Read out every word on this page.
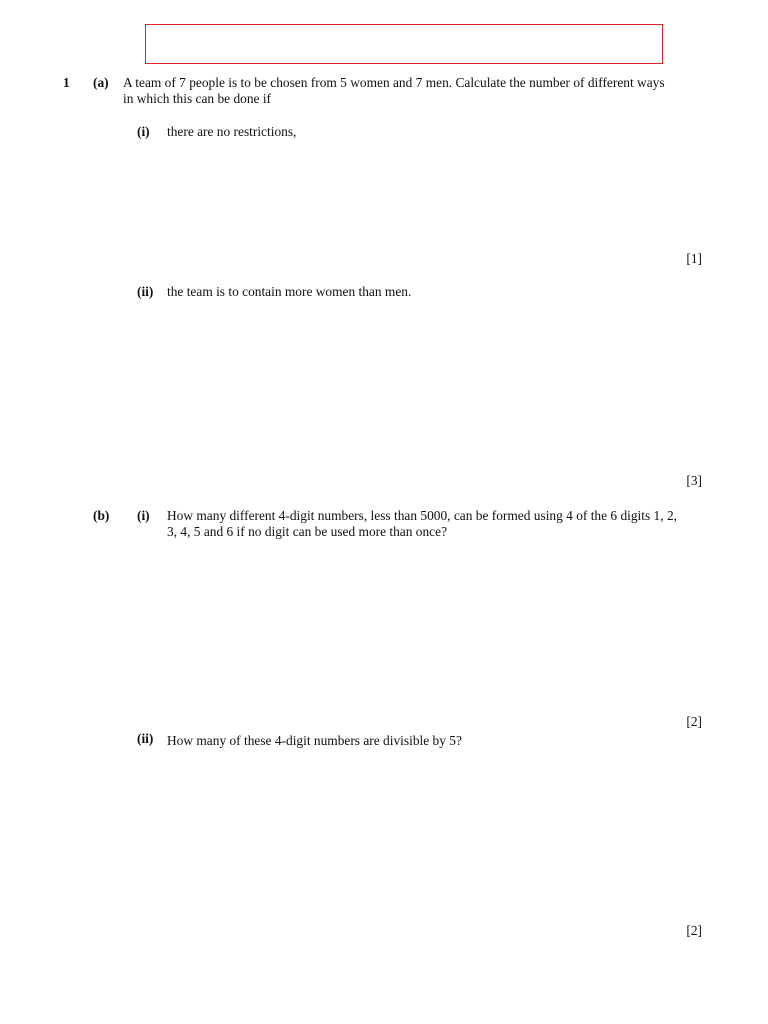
1 (a) A team of 7 people is to be chosen from 5 women and 7 men. Calculate the number of different ways
in which this can be done if
(i) there are no restrictions,
[1]
(ii) the team is to contain more women than men.
[3]
(b) (i) How many different 4-digit numbers, less than 5000, can be formed using 4 of the 6 digits 1, 2,
3, 4, 5 and 6 if no digit can be used more than once?
[2]
(ii) How many of these 4-digit numbers are divisible by 5?
[2]
